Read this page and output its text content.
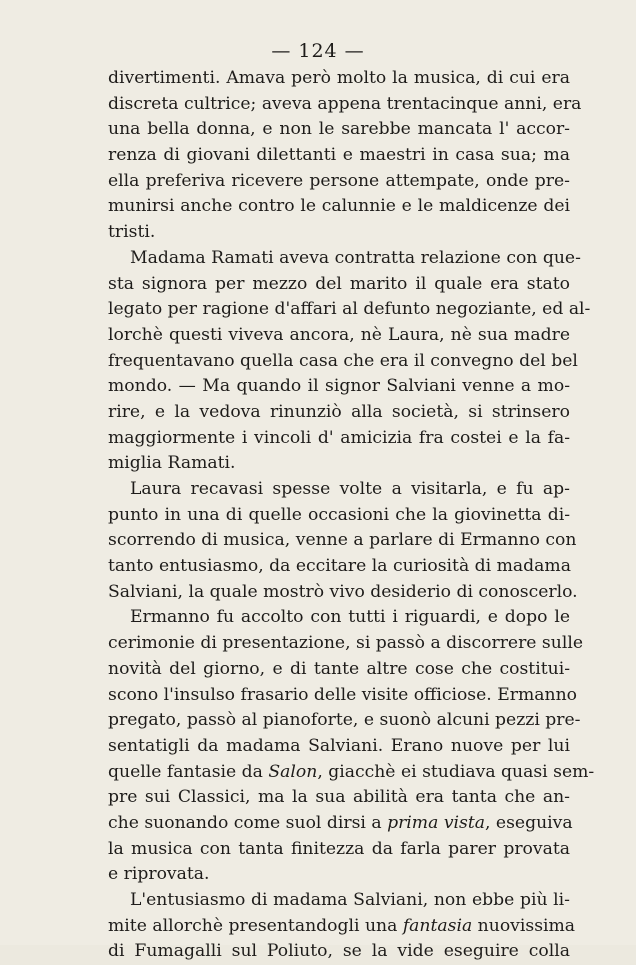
— 124 —
divertimenti. Amava però molto la musica, di cui era
discreta cultrice; aveva appena trentacinque anni, era
una bella donna, e non le sarebbe mancata l' accor-
renza di giovani dilettanti e maestri in casa sua; ma
ella preferiva ricevere persone attempate, onde pre-
munirsi anche contro le calunnie e le maldicenze dei
tristi.
Madama Ramati aveva contratta relazione con que-
sta signora per mezzo del marito il quale era stato
legato per ragione d'affari al defunto negoziante, ed al-
lorchè questi viveva ancora, nè Laura, nè sua madre
frequentavano quella casa che era il convegno del bel
mondo. — Ma quando il signor Salviani venne a mo-
rire, e la vedova rinunziò alla società, si strinsero
maggiormente i vincoli d' amicizia fra costei e la fa-
miglia Ramati.
Laura recavasi spesse volte a visitarla, e fu ap-
punto in una di quelle occasioni che la giovinetta di-
scorrendo di musica, venne a parlare di Ermanno con
tanto entusiasmo, da eccitare la curiosità di madama
Salviani, la quale mostrò vivo desiderio di conoscerlo.
Ermanno fu accolto con tutti i riguardi, e dopo le
cerimonie di presentazione, si passò a discorrere sulle
novità del giorno, e di tante altre cose che costitui-
scono l'insulso frasario delle visite officiose. Ermanno
pregato, passò al pianoforte, e suonò alcuni pezzi pre-
sentatigli da madama Salviani. Erano nuove per lui
quelle fantasie da Salon, giacchè ei studiava quasi sem-
pre sui Classici, ma la sua abilità era tanta che an-
che suonando come suol dirsi a prima vista, eseguiva
la musica con tanta finitezza da farla parer provata
e riprovata.
L'entusiasmo di madama Salviani, non ebbe più li-
mite allorchè presentandogli una fantasia nuovissima
di Fumagalli sul Poliuto, se la vide eseguire colla
